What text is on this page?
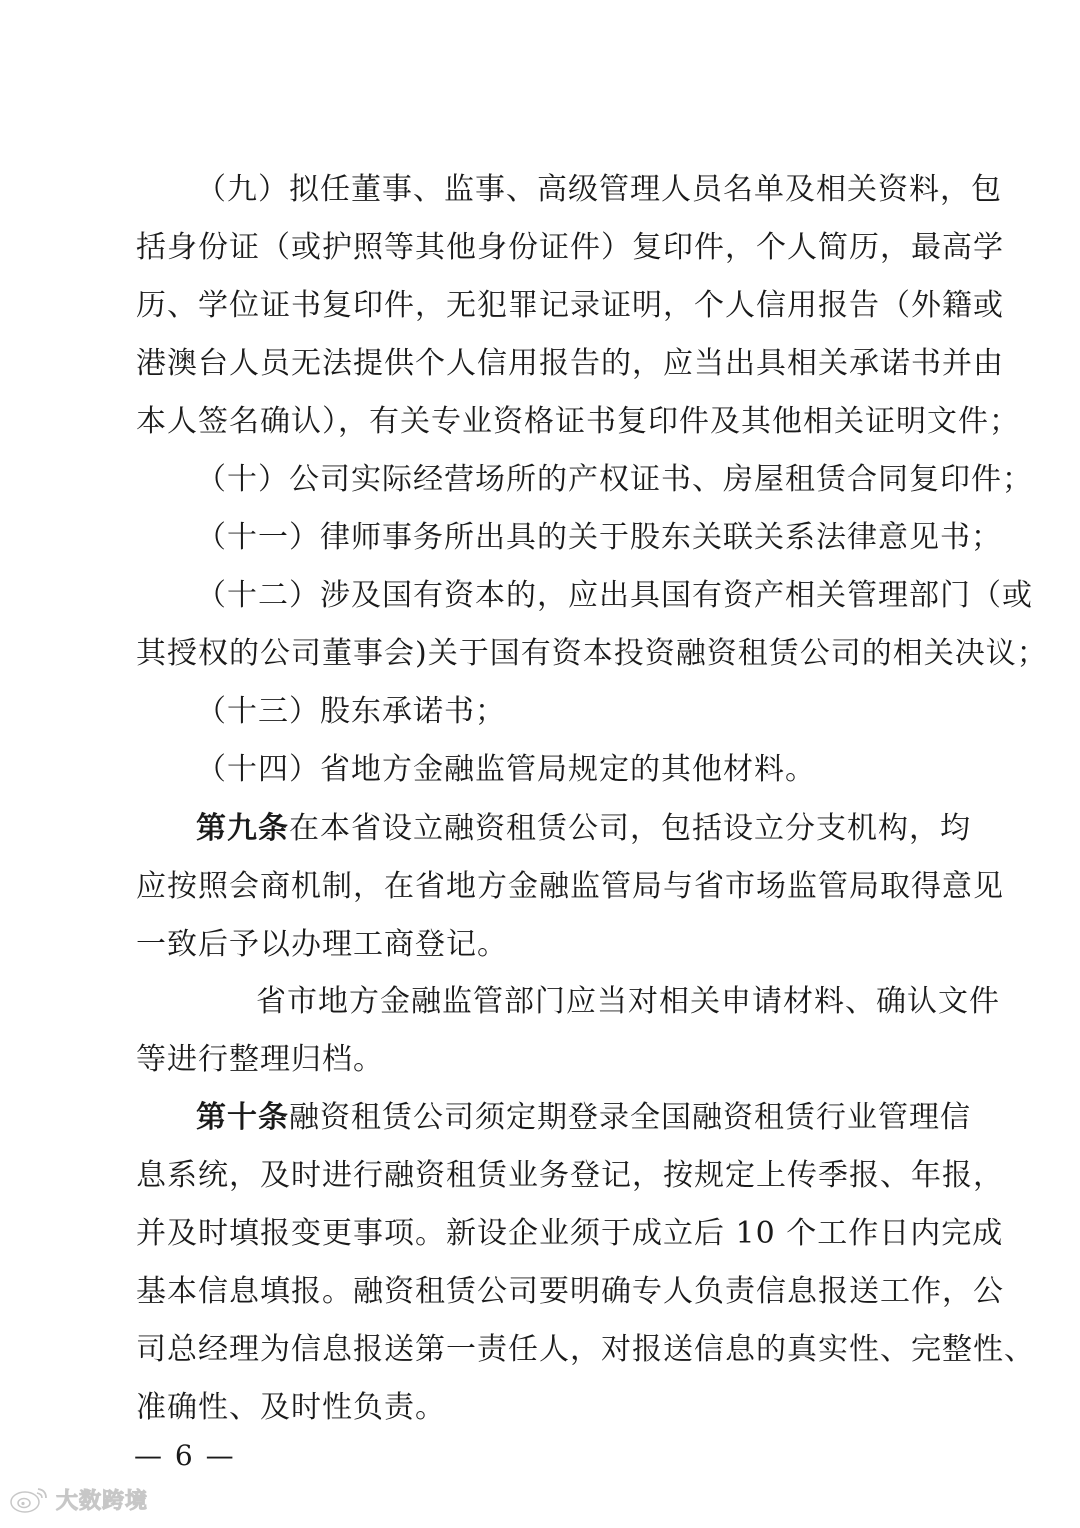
（九）拟任董事、监事、高级管理人员名单及相关资料，包
括身份证（或护照等其他身份证件）复印件，个人简历，最高学
历、学位证书复印件，无犯罪记录证明，个人信用报告（外籍或
港澳台人员无法提供个人信用报告的，应当出具相关承诺书并由
本人签名确认），有关专业资格证书复印件及其他相关证明文件；
（十）公司实际经营场所的产权证书、房屋租赁合同复印件；
（十一）律师事务所出具的关于股东关联关系法律意见书；
（十二）涉及国有资本的，应出具国有资产相关管理部门（或
其授权的公司董事会)关于国有资本投资融资租赁公司的相关决议；
（十三）股东承诺书；
（十四）省地方金融监管局规定的其他材料。
第九条在本省设立融资租赁公司，包括设立分支机构，均
应按照会商机制，在省地方金融监管局与省市场监管局取得意见
一致后予以办理工商登记。
省市地方金融监管部门应当对相关申请材料、确认文件
等进行整理归档。
第十条融资租赁公司须定期登录全国融资租赁行业管理信
息系统，及时进行融资租赁业务登记，按规定上传季报、年报，
并及时填报变更事项。新设企业须于成立后 10 个工作日内完成
基本信息填报。融资租赁公司要明确专人负责信息报送工作，公
司总经理为信息报送第一责任人，对报送信息的真实性、完整性、
准确性、及时性负责。
— 6 —
大数跨境
